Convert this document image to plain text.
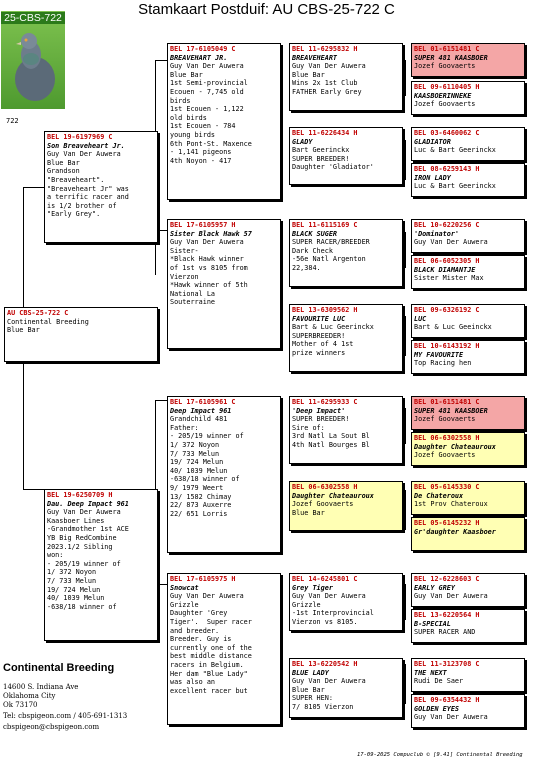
Stamkaart Postduif: AU CBS-25-722 C
25-CBS-722
722
AU CBS-25-722 C
Continental Breeding
Blue Bar
BEL 19-6197969 C
Son Breaveheart Jr.
Guy Van Der Auwera
Blue Bar
Grandson
"Breaveheart".
"Breaveheart Jr" was
a terrific racer and
is 1/2 brother of
"Early Grey".
BEL 19-6250709 H
Dau. Deep Impact 961
Guy Van Der Auwera
Kaasboer Lines
-Grandmother 1st ACE
YB Big RedCombine
2023.1/2 Sibling
won:
- 205/19 winner of
1/ 372 Noyon
7/ 733 Melun
19/ 724 Melun
40/ 1039 Melun
-638/18 winner of
BEL 17-6105049 C
BREAVEHART JR.
Guy Van Der Auwera
Blue Bar
1st Semi-provincial
Ecouen - 7,745 old
birds
1st Ecouen - 1,122
old birds
1st Ecouen - 784
young birds
6th Pont-St. Maxence
- 1,141 pigeons
4th Noyon - 417
BEL 17-6105957 H
Sister Black Hawk 57
Guy Van Der Auwera
Sister-
*Black Hawk winner
of 1st vs 8105 from
Vierzon
*Hawk winner of 5th
National La
Souterraine
BEL 17-6105961 C
Deep Impact 961
Grandchild 481
Father:
- 205/19 winner of
1/ 372 Noyon
7/ 733 Melun
19/ 724 Melun
40/ 1039 Melun
-638/18 winner of
9/ 1979 Weert
13/ 1582 Chimay
22/ 873 Auxerre
22/ 651 Lorris
BEL 17-6105975 H
Snowcat
Guy Van Der Auwera
Grizzle
Daughter 'Grey
Tiger'.  Super racer
and breeder.
Breeder. Guy is
currently one of the
best middle distance
racers in Belgium.
Her dam "Blue Lady"
was also an
excellent racer but
BEL 11-6295832 H
BREAVEHEART
Guy Van Der Auwera
Blue Bar
Wins 2x 1st Club
FATHER Early Grey
BEL 11-6226434 H
GLADY
Bart Geerinckx
SUPER BREEDER!
Daughter 'Gladiator'
BEL 11-6115169 C
BLACK SUGER
SUPER RACER/BREEDER
Dark Check
-56e Natl Argenton
22,384.
BEL 13-6309562 H
FAVOURITE LUC
Bart & Luc Geerinckx
SUPERBREEDER!
Mother of 4 1st
prize winners
BEL 11-6295933 C
'Deep Impact'
SUPER BREEDER!
Sire of:
3rd Natl La Sout Bl
4th Natl Bourges Bl
BEL 06-6302558 H
Daughter Chateauroux
Jozef Goovaerts
Blue Bar
BEL 14-6245801 C
Grey Tiger
Guy Van Der Auwera
Grizzle
-1st Interprovincial
Vierzon vs 8105.
BEL 13-6220542 H
BLUE LADY
Guy Van Der Auwera
Blue Bar
SUPER HEN:
7/ 8105 Vierzon
BEL 01-6151481 C
SUPER 481 KAASBOER
Jozef Goovaerts
BEL 09-6110405 H
KAASBOERINNEKE
Jozef Goovaerts
BEL 03-6460062 C
GLADIATOR
Luc & Bart Geerinckx
BEL 08-6259143 H
IRON LADY
Luc & Bart Geerinckx
BEL 10-6220256 C
'Dominator'
Guy Van Der Auwera
BEL 06-6052305 H
BLACK DIAMANTJE
Sister Mister Max
BEL 09-6326192 C
LUC
Bart & Luc Geeinckx
BEL 10-6143192 H
MY FAVOURITE
Top Racing hen
BEL 01-6151481 C
SUPER 481 KAASBOER
Jozef Goovaerts
BEL 06-6302558 H
Daughter Chateauroux
Jozef Goovaerts
BEL 05-6145330 C
De Chateroux
1st Prov Chateroux
BEL 05-6145232 H
Gr'daughter Kaasboer
BEL 12-6228603 C
EARLY GREY
Guy Van Der Auwera
BEL 13-6220564 H
B-SPECIAL
SUPER RACER AND
BEL 11-3123708 C
THE NEXT
Rudi De Saer
BEL 09-6354432 H
GOLDEN EYES
Guy Van Der Auwera
Continental Breeding
14600 S. Indiana Ave
Oklahoma City
Ok 73170
Tel: cbspigeon.com / 405-691-1313
cbspigeon@cbspigeon.com
17-09-2025 Compuclub © [9.41] Continental Breeding
